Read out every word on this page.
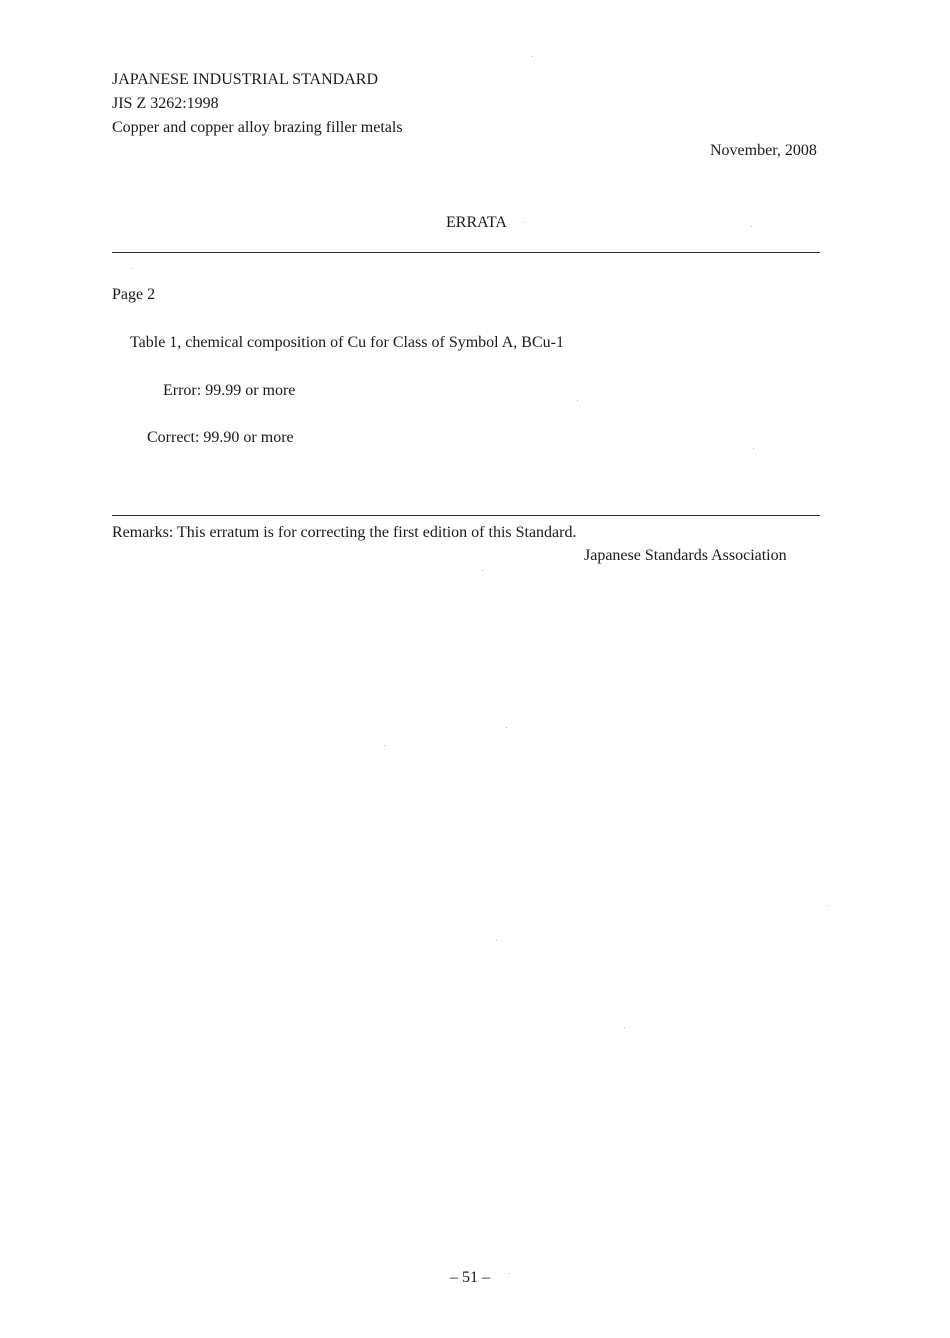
JAPANESE INDUSTRIAL STANDARD
JIS Z 3262:1998
Copper and copper alloy brazing filler metals
November, 2008
ERRATA
Page 2
Table 1, chemical composition of Cu for Class of Symbol A, BCu-1
Error: 99.99 or more
Correct: 99.90 or more
Remarks: This erratum is for correcting the first edition of this Standard.
Japanese Standards Association
– 51 –
